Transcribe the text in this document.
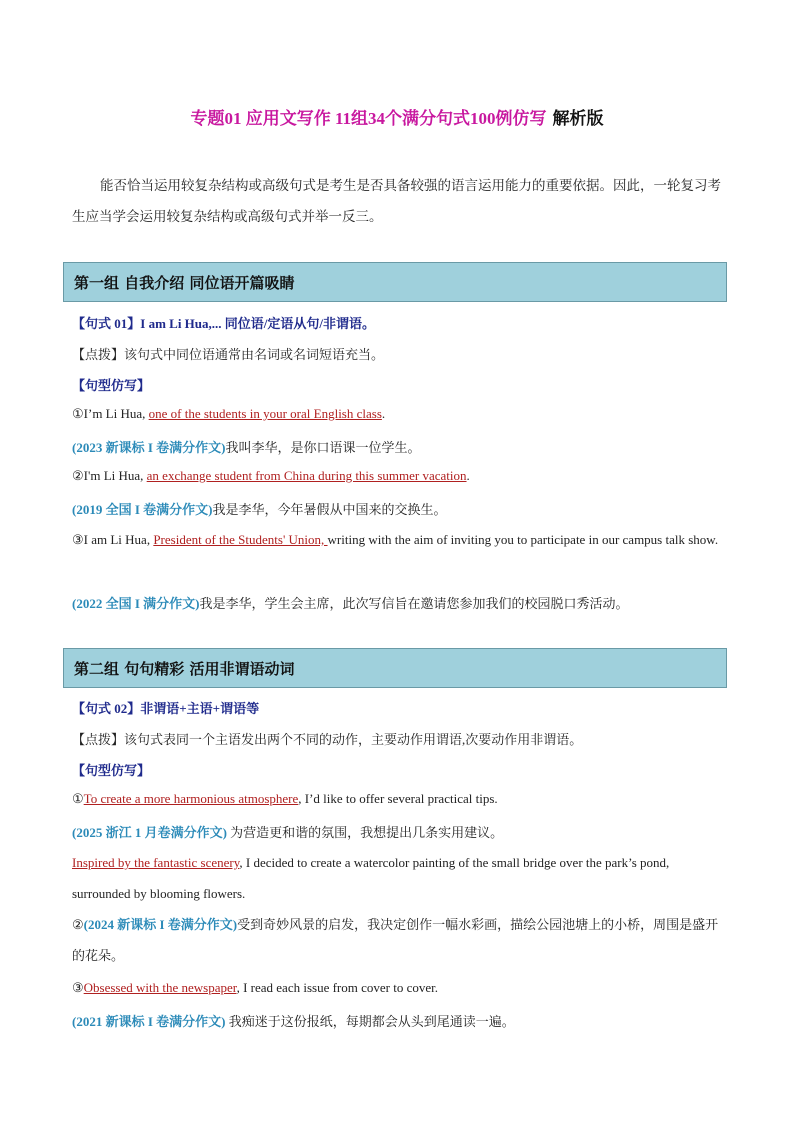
专题01 应用文写作 11组34个满分句式100例仿写 解析版
能否恰当运用较复杂结构或高级句式是考生是否具备较强的语言运用能力的重要依据。因此，一轮复习考生应当学会运用较复杂结构或高级句式并举一反三。
第一组 自我介绍 同位语开篇吸睛
【句式 01】I am Li Hua,... 同位语/定语从句/非谓语。
【点拨】该句式中同位语通常由名词或名词短语充当。
【句型仿写】
①I’m Li Hua, one of the students in your oral English class.
(2023 新课标 I 卷满分作文)我叫李华，是你口语课一位学生。
②I'm Li Hua, an exchange student from China during this summer vacation.
(2019 全国 I 卷满分作文)我是李华，今年暑假从中国来的交换生。
③I am Li Hua, President of the Students' Union, writing with the aim of inviting you to participate in our campus talk show.
(2022 全国 I 满分作文)我是李华，学生会主席，此次写信旨在邀请您参加我们的校园脱口秀活动。
第二组 句句精彩 活用非谓语动词
【句式 02】非谓语+主语+谓语等
【点拨】该句式表同一个主语发出两个不同的动作，主要动作用谓语,次要动作用非谓语。
【句型仿写】
①To create a more harmonious atmosphere, I’d like to offer several practical tips.
(2025 浙江 1 月卷满分作文) 为营造更和谐的氛围，我想提出几条实用建议。
Inspired by the fantastic scenery, I decided to create a watercolor painting of the small bridge over the park’s pond, surrounded by blooming flowers.
②(2024 新课标 I 卷满分作文)受到奇妙风景的启发，我决定创作一幅水彩画，描绘公园池塘上的小桥，周围是盛开的花朵。
③Obsessed with the newspaper, I read each issue from cover to cover.
(2021 新课标 I 卷满分作文) 我痴迷于这份报纸，每期都会从头到尾通读一遍。
